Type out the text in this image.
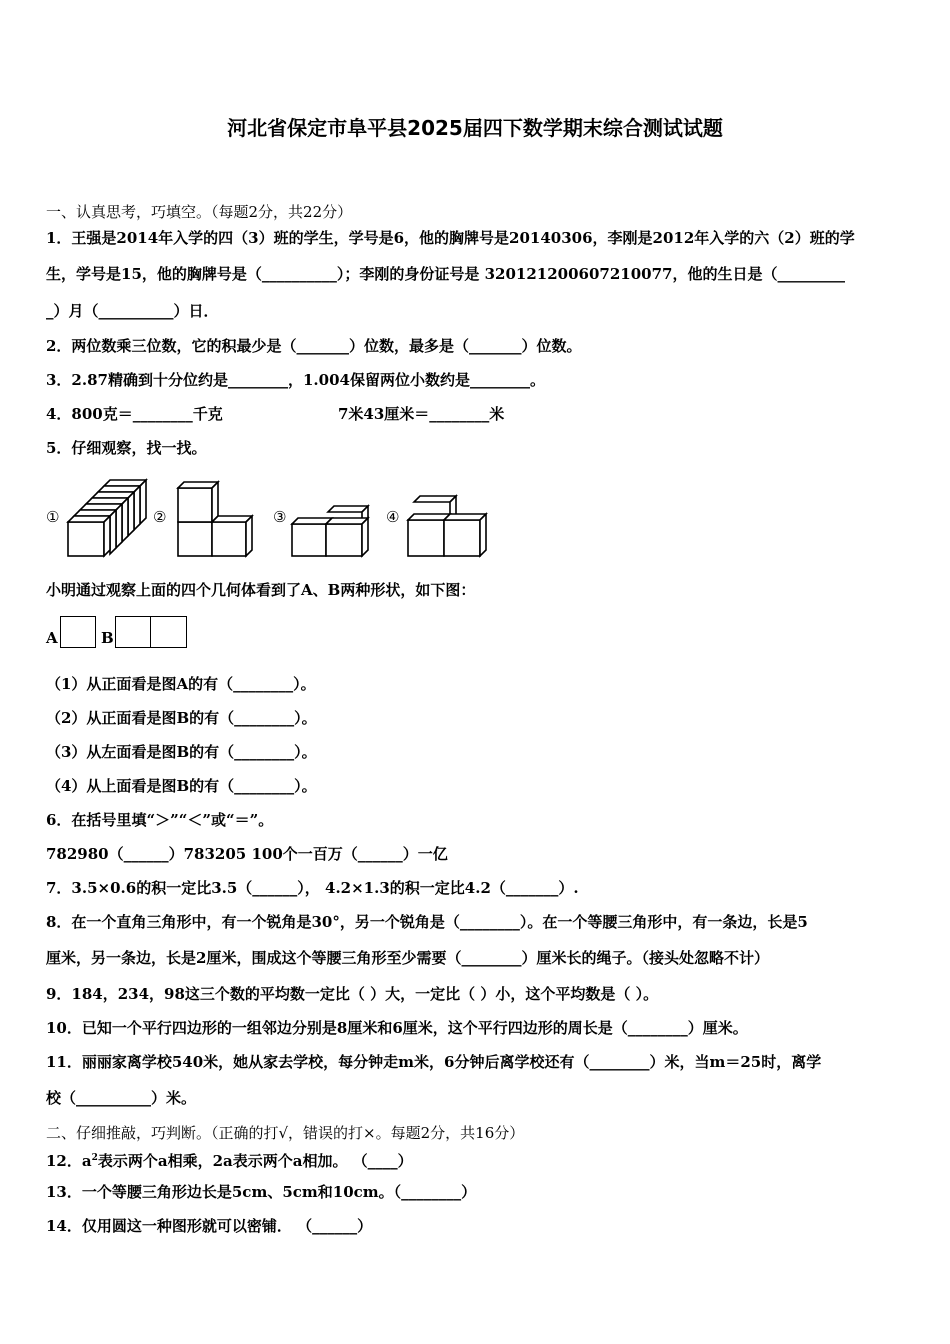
河北省保定市阜平县2025届四下数学期末综合测试试题
一、认真思考，巧填空。（每题2分，共22分）
1．王强是2014年入学的四（3）班的学生，学号是6，他的胸牌号是20140306，李刚是2012年入学的六（2）班的学
生，学号是15，他的胸牌号是（__________）；李刚的身份证号是 320121200607210077，他的生日是（_________
_）月（__________）日．
2．两位数乘三位数，它的积最少是（_______）位数，最多是（_______）位数。
3．2.87精确到十分位约是________，1.004保留两位小数约是________。
4．800克＝________千克	7米43厘米＝________米
5．仔细观察，找一找。
①	②	③	④
小明通过观察上面的四个几何体看到了A、B两种形状，如下图：
A	B
（1）从正面看是图A的有（________）。
（2）从正面看是图B的有（________）。
（3）从左面看是图B的有（________）。
（4）从上面看是图B的有（________）。
6．在括号里填“＞”“＜”或“＝”。
782980（______）783205 100个一百万（______）一亿
7．3.5×0.6的积一定比3.5（______）， 4.2×1.3的积一定比4.2（_______）.
8．在一个直角三角形中，有一个锐角是30°，另一个锐角是（________）。在一个等腰三角形中，有一条边，长是5
厘米，另一条边，长是2厘米，围成这个等腰三角形至少需要（________）厘米长的绳子。（接头处忽略不计）
9．184，234，98这三个数的平均数一定比（ ）大，一定比（ ）小，这个平均数是（ ）。
10．已知一个平行四边形的一组邻边分别是8厘米和6厘米，这个平行四边形的周长是（________）厘米。
11．丽丽家离学校540米，她从家去学校，每分钟走m米，6分钟后离学校还有（________）米，当m＝25时，离学
校（__________）米。
二、仔细推敲，巧判断。（正确的打√，错误的打×。每题2分，共16分）
12．$a^2$表示两个a相乘，2a表示两个a相加。 （____）
13．一个等腰三角形边长是5cm、5cm和10cm。（________）
14．仅用圆这一种图形就可以密铺． （______）
